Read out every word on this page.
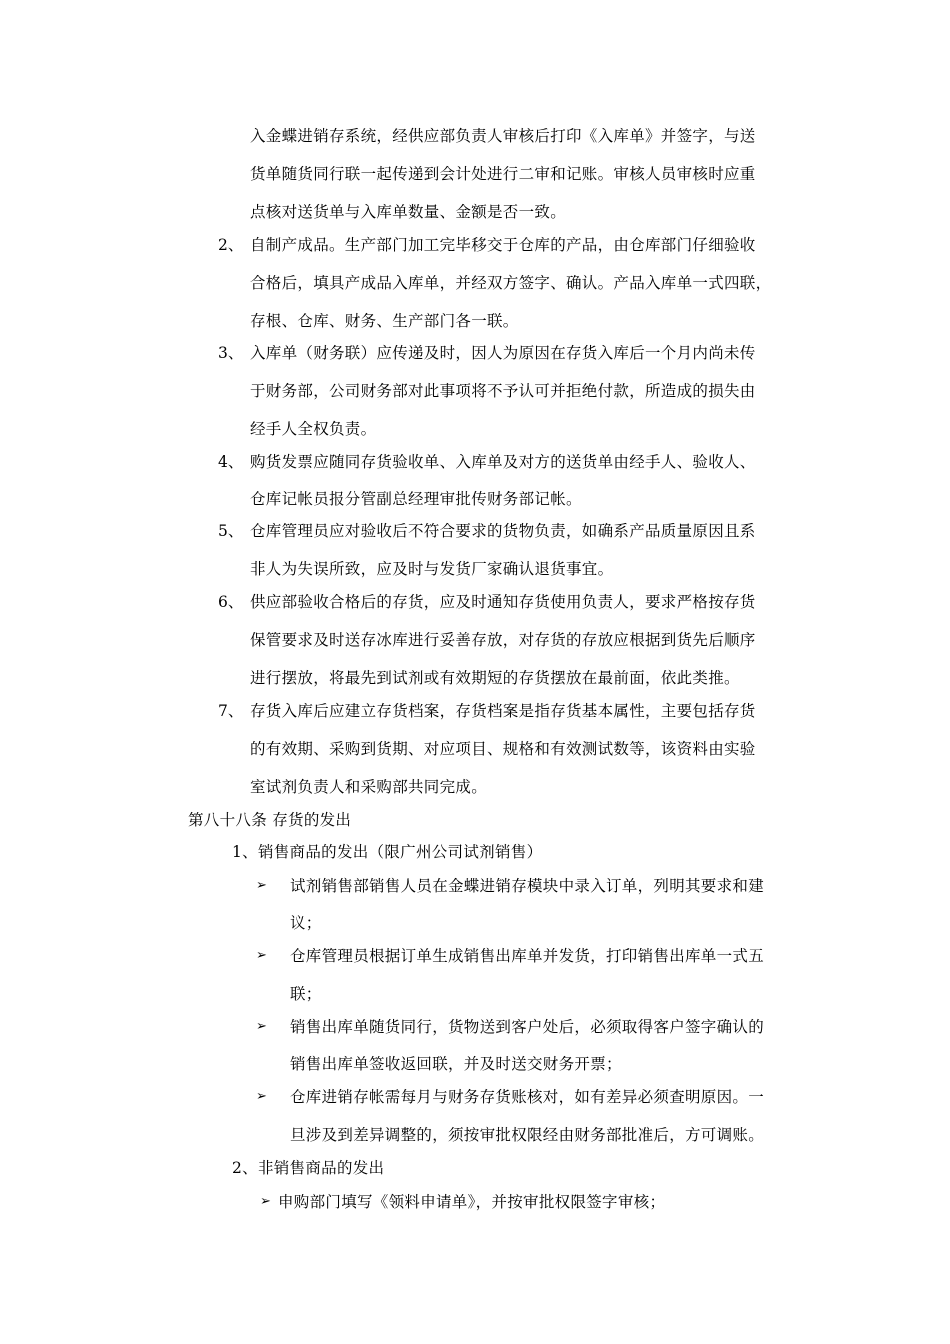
入金蝶进销存系统，经供应部负责人审核后打印《入库单》并签字，与送
货单随货同行联一起传递到会计处进行二审和记账。审核人员审核时应重
点核对送货单与入库单数量、金额是否一致。
2、 自制产成品。生产部门加工完毕移交于仓库的产品，由仓库部门仔细验收
合格后，填具产成品入库单，并经双方签字、确认。产品入库单一式四联，
存根、仓库、财务、生产部门各一联。
3、 入库单（财务联）应传递及时，因人为原因在存货入库后一个月内尚未传
于财务部，公司财务部对此事项将不予认可并拒绝付款，所造成的损失由
经手人全权负责。
4、 购货发票应随同存货验收单、入库单及对方的送货单由经手人、验收人、
仓库记帐员报分管副总经理审批传财务部记帐。
5、 仓库管理员应对验收后不符合要求的货物负责，如确系产品质量原因且系
非人为失误所致，应及时与发货厂家确认退货事宜。
6、 供应部验收合格后的存货，应及时通知存货使用负责人，要求严格按存货
保管要求及时送存冰库进行妥善存放，对存货的存放应根据到货先后顺序
进行摆放，将最先到试剂或有效期短的存货摆放在最前面，依此类推。
7、 存货入库后应建立存货档案，存货档案是指存货基本属性，主要包括存货
的有效期、采购到货期、对应项目、规格和有效测试数等，该资料由实验
室试剂负责人和采购部共同完成。
第八十八条 存货的发出
1、销售商品的发出（限广州公司试剂销售）
➢ 试剂销售部销售人员在金蝶进销存模块中录入订单，列明其要求和建
议；
➢ 仓库管理员根据订单生成销售出库单并发货，打印销售出库单一式五
联；
➢ 销售出库单随货同行，货物送到客户处后，必须取得客户签字确认的
销售出库单签收返回联，并及时送交财务开票；
➢ 仓库进销存帐需每月与财务存货账核对，如有差异必须查明原因。一
旦涉及到差异调整的，须按审批权限经由财务部批准后，方可调账。
2、非销售商品的发出
➢ 申购部门填写《领料申请单》，并按审批权限签字审核；
